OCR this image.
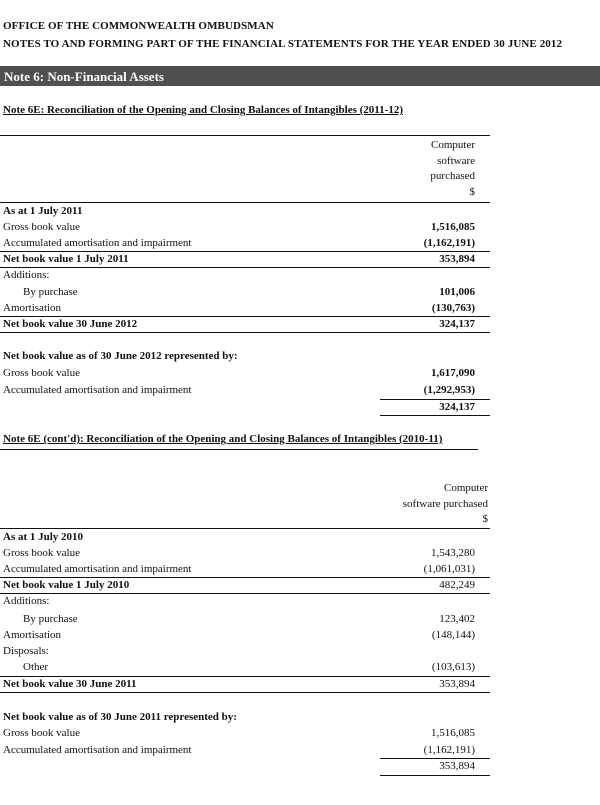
OFFICE OF THE COMMONWEALTH OMBUDSMAN
NOTES TO AND FORMING PART OF THE FINANCIAL STATEMENTS FOR THE YEAR ENDED 30 JUNE 2012
Note 6: Non-Financial Assets
Note 6E: Reconciliation of the Opening and Closing Balances of Intangibles (2011-12)
Computer
software
purchased
$
As at 1 July 2011
Gross book value	1,516,085
Accumulated amortisation and impairment	(1,162,191)
Net book value 1 July 2011	353,894
Additions:
By purchase	101,006
Amortisation	(130,763)
Net book value 30 June 2012	324,137
Net book value as of 30 June 2012 represented by:
Gross book value	1,617,090
Accumulated amortisation and impairment	(1,292,953)
324,137
Note 6E (cont'd): Reconciliation of the Opening and Closing Balances of Intangibles (2010-11)
Computer
software purchased
$
As at 1 July 2010
Gross book value	1,543,280
Accumulated amortisation and impairment	(1,061,031)
Net book value 1 July 2010	482,249
Additions:
By purchase	123,402
Amortisation	(148,144)
Disposals:
Other	(103,613)
Net book value 30 June 2011	353,894
Net book value as of 30 June 2011 represented by:
Gross book value	1,516,085
Accumulated amortisation and impairment	(1,162,191)
353,894
